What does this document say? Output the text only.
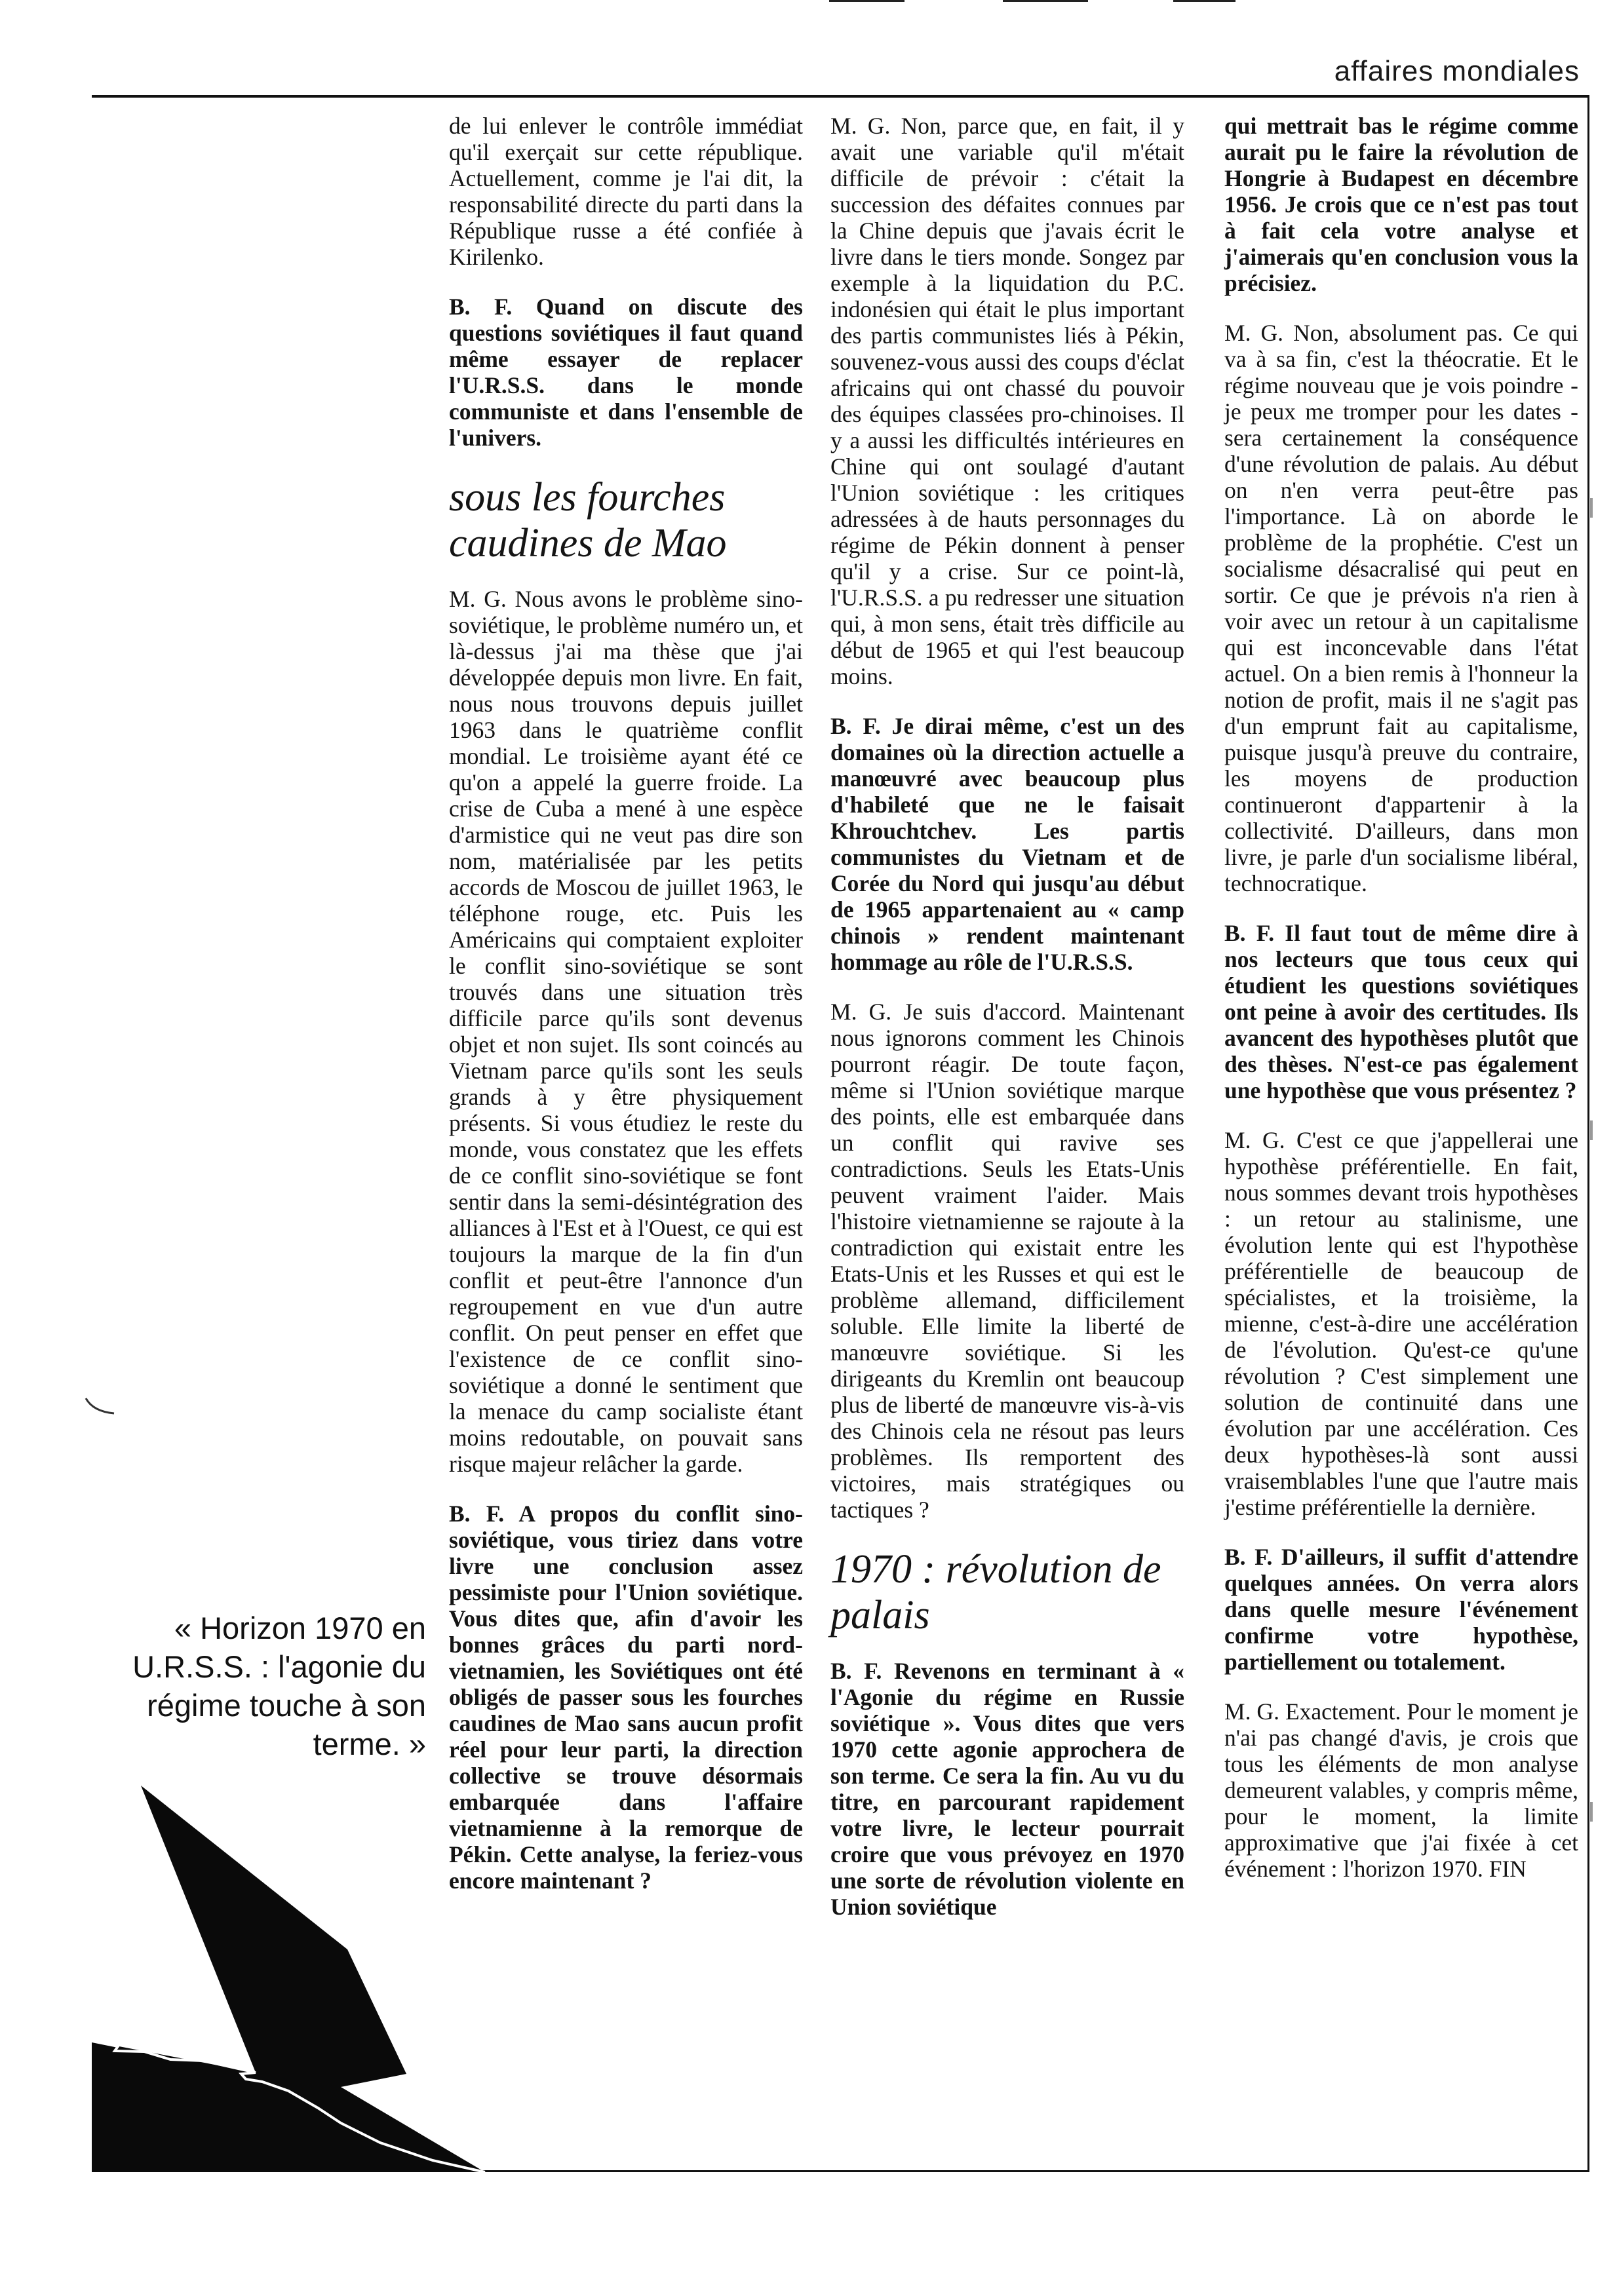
affaires mondiales
« Horizon 1970 en U.R.S.S. : l'agonie du régime touche à son terme. »

de lui enlever le contrôle immédiat qu'il exerçait sur cette république. Actuellement, comme je l'ai dit, la responsabilité directe du parti dans la République russe a été confiée à Kirilenko.

B. F. Quand on discute des questions soviétiques il faut quand même essayer de replacer l'U.R.S.S. dans le monde communiste et dans l'ensemble de l'univers.

sous les fourches caudines de Mao

M. G. Nous avons le problème sino-soviétique, le problème numéro un, et là-dessus j'ai ma thèse que j'ai développée depuis mon livre. En fait, nous nous trouvons depuis juillet 1963 dans le quatrième conflit mondial. Le troisième ayant été ce qu'on a appelé la guerre froide. La crise de Cuba a mené à une espèce d'armistice qui ne veut pas dire son nom, matérialisée par les petits accords de Moscou de juillet 1963, le téléphone rouge, etc. Puis les Américains qui comptaient exploiter le conflit sino-soviétique se sont trouvés dans une situation très difficile parce qu'ils sont devenus objet et non sujet. Ils sont coincés au Vietnam parce qu'ils sont les seuls grands à y être physiquement présents. Si vous étudiez le reste du monde, vous constatez que les effets de ce conflit sino-soviétique se font sentir dans la semi-désintégration des alliances à l'Est et à l'Ouest, ce qui est toujours la marque de la fin d'un conflit et peut-être l'annonce d'un regroupement en vue d'un autre conflit. On peut penser en effet que l'existence de ce conflit sino-soviétique a donné le sentiment que la menace du camp socialiste étant moins redoutable, on pouvait sans risque majeur relâcher la garde.

B. F. A propos du conflit sino-soviétique, vous tiriez dans votre livre une conclusion assez pessimiste pour l'Union soviétique. Vous dites que, afin d'avoir les bonnes grâces du parti nord-vietnamien, les Soviétiques ont été obligés de passer sous les fourches caudines de Mao sans aucun profit réel pour leur parti, la direction collective se trouve désormais embarquée dans l'affaire vietnamienne à la remorque de Pékin. Cette analyse, la feriez-vous encore maintenant ?

M. G. Non, parce que, en fait, il y avait une variable qu'il m'était difficile de prévoir : c'était la succession des défaites connues par la Chine depuis que j'avais écrit le livre dans le tiers monde. Songez par exemple à la liquidation du P.C. indonésien qui était le plus important des partis communistes liés à Pékin, souvenez-vous aussi des coups d'éclat africains qui ont chassé du pouvoir des équipes classées pro-chinoises. Il y a aussi les difficultés intérieures en Chine qui ont soulagé d'autant l'Union soviétique : les critiques adressées à de hauts personnages du régime de Pékin donnent à penser qu'il y a crise. Sur ce point-là, l'U.R.S.S. a pu redresser une situation qui, à mon sens, était très difficile au début de 1965 et qui l'est beaucoup moins.

B. F. Je dirai même, c'est un des domaines où la direction actuelle a manœuvré avec beaucoup plus d'habileté que ne le faisait Khrouchtchev. Les partis communistes du Vietnam et de Corée du Nord qui jusqu'au début de 1965 appartenaient au « camp chinois » rendent maintenant hommage au rôle de l'U.R.S.S.

M. G. Je suis d'accord. Maintenant nous ignorons comment les Chinois pourront réagir. De toute façon, même si l'Union soviétique marque des points, elle est embarquée dans un conflit qui ravive ses contradictions. Seuls les Etats-Unis peuvent vraiment l'aider. Mais l'histoire vietnamienne se rajoute à la contradiction qui existait entre les Etats-Unis et les Russes et qui est le problème allemand, difficilement soluble. Elle limite la liberté de manœuvre soviétique. Si les dirigeants du Kremlin ont beaucoup plus de liberté de manœuvre vis-à-vis des Chinois cela ne résout pas leurs problèmes. Ils remportent des victoires, mais stratégiques ou tactiques ?

1970 : révolution de palais

B. F. Revenons en terminant à « l'Agonie du régime en Russie soviétique ». Vous dites que vers 1970 cette agonie approchera de son terme. Ce sera la fin. Au vu du titre, en parcourant rapidement votre livre, le lecteur pourrait croire que vous prévoyez en 1970 une sorte de révolution violente en Union soviétique

qui mettrait bas le régime comme aurait pu le faire la révolution de Hongrie à Budapest en décembre 1956. Je crois que ce n'est pas tout à fait cela votre analyse et j'aimerais qu'en conclusion vous la précisiez.

M. G. Non, absolument pas. Ce qui va à sa fin, c'est la théocratie. Et le régime nouveau que je vois poindre - je peux me tromper pour les dates - sera certainement la conséquence d'une révolution de palais. Au début on n'en verra peut-être pas l'importance. Là on aborde le problème de la prophétie. C'est un socialisme désacralisé qui peut en sortir. Ce que je prévois n'a rien à voir avec un retour à un capitalisme qui est inconcevable dans l'état actuel. On a bien remis à l'honneur la notion de profit, mais il ne s'agit pas d'un emprunt fait au capitalisme, puisque jusqu'à preuve du contraire, les moyens de production continueront d'appartenir à la collectivité. D'ailleurs, dans mon livre, je parle d'un socialisme libéral, technocratique.

B. F. Il faut tout de même dire à nos lecteurs que tous ceux qui étudient les questions soviétiques ont peine à avoir des certitudes. Ils avancent des hypothèses plutôt que des thèses. N'est-ce pas également une hypothèse que vous présentez ?

M. G. C'est ce que j'appellerai une hypothèse préférentielle. En fait, nous sommes devant trois hypothèses : un retour au stalinisme, une évolution lente qui est l'hypothèse préférentielle de beaucoup de spécialistes, et la troisième, la mienne, c'est-à-dire une accélération de l'évolution. Qu'est-ce qu'une révolution ? C'est simplement une solution de continuité dans une évolution par une accélération. Ces deux hypothèses-là sont aussi vraisemblables l'une que l'autre mais j'estime préférentielle la dernière.

B. F. D'ailleurs, il suffit d'attendre quelques années. On verra alors dans quelle mesure l'événement confirme votre hypothèse, partiellement ou totalement.

M. G. Exactement. Pour le moment je n'ai pas changé d'avis, je crois que tous les éléments de mon analyse demeurent valables, y compris même, pour le moment, la limite approximative que j'ai fixée à cet événement : l'horizon 1970. FIN
